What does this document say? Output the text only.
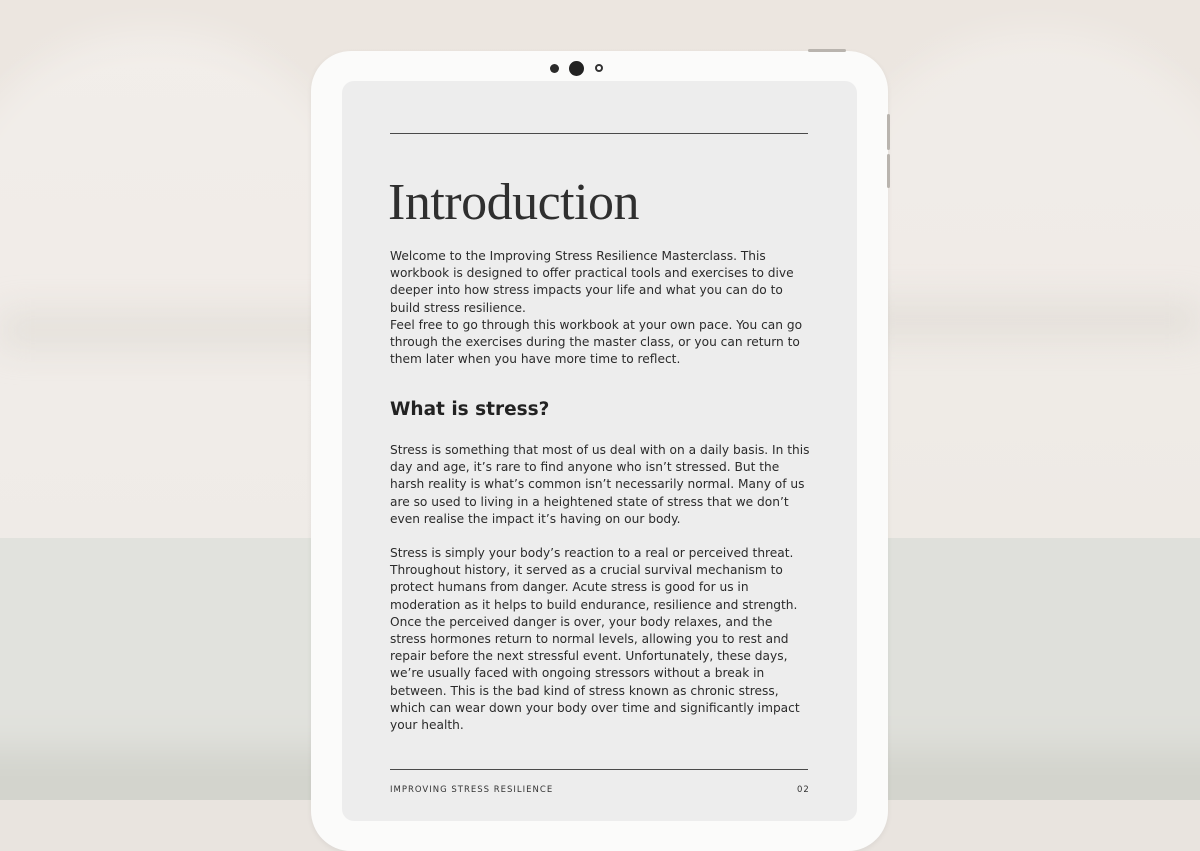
Introduction

Welcome to the Improving Stress Resilience Masterclass. This workbook is designed to offer practical tools and exercises to dive deeper into how stress impacts your life and what you can do to build stress resilience.

Feel free to go through this workbook at your own pace. You can go through the exercises during the master class, or you can return to them later when you have more time to reflect.

What is stress?

Stress is something that most of us deal with on a daily basis. In this day and age, it’s rare to find anyone who isn’t stressed. But the harsh reality is what’s common isn’t necessarily normal. Many of us are so used to living in a heightened state of stress that we don’t even realise the impact it’s having on our body.

Stress is simply your body’s reaction to a real or perceived threat. Throughout history, it served as a crucial survival mechanism to protect humans from danger. Acute stress is good for us in moderation as it helps to build endurance, resilience and strength. Once the perceived danger is over, your body relaxes, and the stress hormones return to normal levels, allowing you to rest and repair before the next stressful event. Unfortunately, these days, we’re usually faced with ongoing stressors without a break in between. This is the bad kind of stress known as chronic stress, which can wear down your body over time and significantly impact your health.

IMPROVING STRESS RESILIENCE	02
